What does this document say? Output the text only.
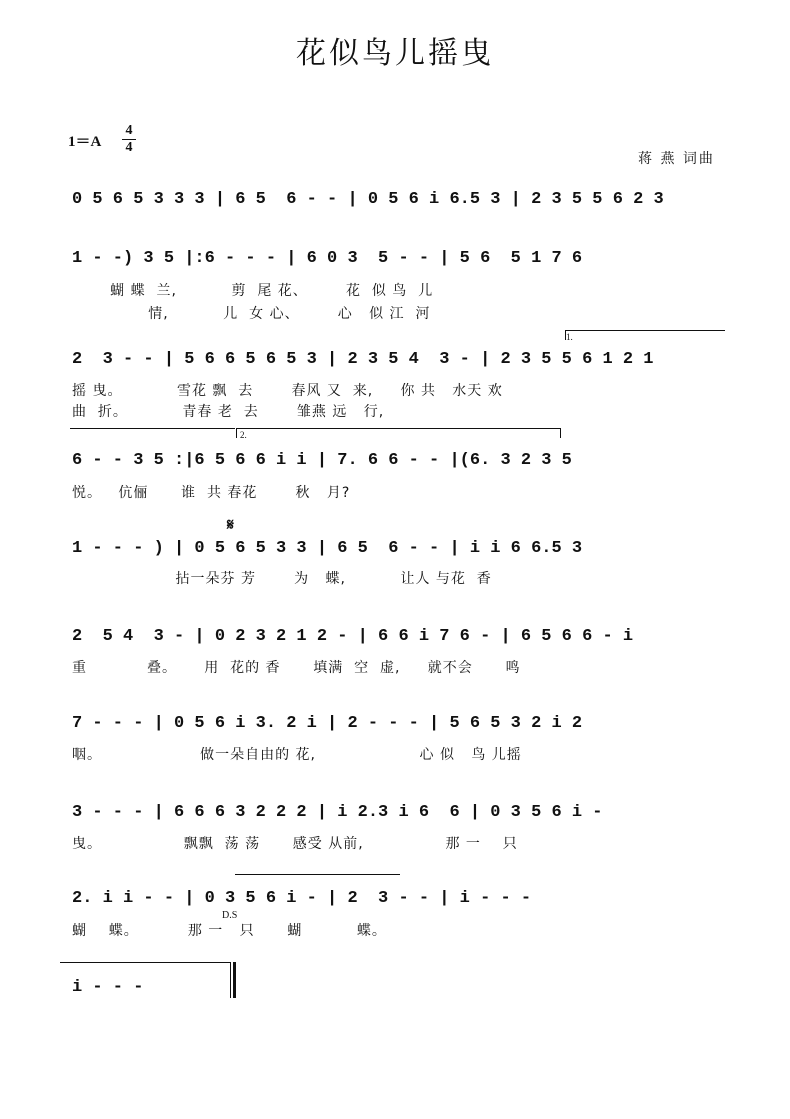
花似鸟儿摇曳
1＝A
4
4
蒋 燕 词曲
𝄋
D.S
1.
2.
0 5 6 5 3 3 3 | 6 5  6 - - | 0 5 6 i 6.5 3 | 2 3 5 5 6 2 3
1 - -) 3 5 |:6 - - - | 6 0 3  5 - - | 5 6  5 1 7 6
蝴 蝶  兰,          剪  尾 花、       花  似 鸟  儿
情,          儿  女 心、       心   似 江  河
2  3 - - | 5 6 6 5 6 5 3 | 2 3 5 4  3 - | 2 3 5 5 6 1 2 1
摇 曳。          雪花 飘  去       春风 又  来,     你 共   水天 欢
曲  折。          青春 老  去       雏燕 远   行,
6 - - 3 5 :|6 5 6 6 i i | 7. 6 6 - - |(6. 3 2 3 5
悦。   伉俪      谁  共 春花       秋   月?
1 - - - ) | 0 5 6 5 3 3 | 6 5  6 - - | i i 6 6.5 3
拈一朵芬 芳       为   蝶,          让人 与花  香
2  5 4  3 - | 0 2 3 2 1 2 - | 6 6 i 7 6 - | 6 5 6 6 - i
重           叠。     用  花的 香      填满  空  虚,     就不会      鸣
7 - - - | 0 5 6 i 3. 2 i | 2 - - - | 5 6 5 3 2 i 2
咽。                  做一朵自由的 花,                   心 似   鸟 儿摇
3 - - - | 6 6 6 3 2 2 2 | i 2.3 i 6  6 | 0 3 5 6 i -
曳。               飘飘  荡 荡      感受 从前,               那 一    只
2. i i - - | 0 3 5 6 i - | 2  3 - - | i - - -
蝴    蝶。         那 一   只      蝴          蝶。
i - - -
